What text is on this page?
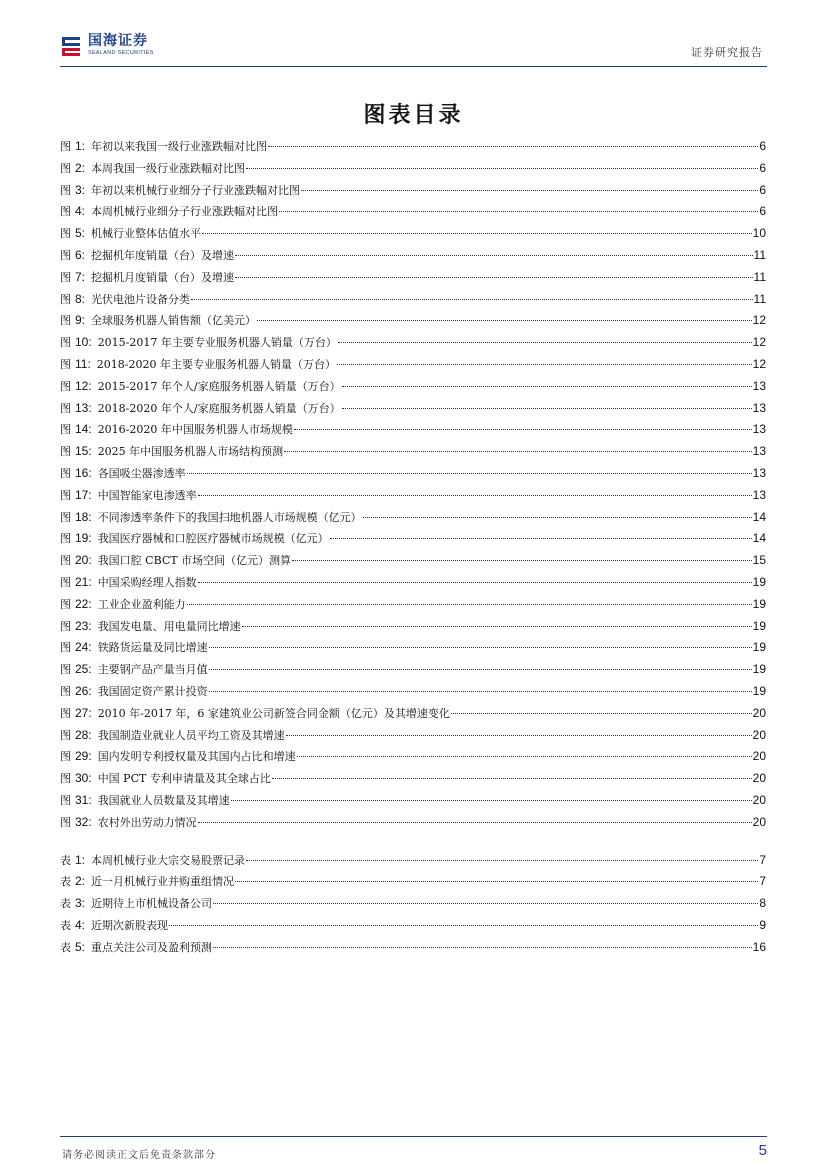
国海证券
SEALAND SECURITIES	证券研究报告
图表目录
图 1: 年初以来我国一级行业涨跌幅对比图	6
图 2: 本周我国一级行业涨跌幅对比图	6
图 3: 年初以来机械行业细分子行业涨跌幅对比图	6
图 4: 本周机械行业细分子行业涨跌幅对比图	6
图 5: 机械行业整体估值水平	10
图 6: 挖掘机年度销量（台）及增速	11
图 7: 挖掘机月度销量（台）及增速	11
图 8: 光伏电池片设备分类	11
图 9: 全球服务机器人销售额（亿美元）	12
图 10: 2015-2017 年主要专业服务机器人销量（万台）	12
图 11: 2018-2020 年主要专业服务机器人销量（万台）	12
图 12: 2015-2017 年个人/家庭服务机器人销量（万台）	13
图 13: 2018-2020 年个人/家庭服务机器人销量（万台）	13
图 14: 2016-2020 年中国服务机器人市场规模	13
图 15: 2025 年中国服务机器人市场结构预测	13
图 16: 各国吸尘器渗透率	13
图 17: 中国智能家电渗透率	13
图 18: 不同渗透率条件下的我国扫地机器人市场规模（亿元）	14
图 19: 我国医疗器械和口腔医疗器械市场规模（亿元）	14
图 20: 我国口腔 CBCT 市场空间（亿元）测算	15
图 21: 中国采购经理人指数	19
图 22: 工业企业盈利能力	19
图 23: 我国发电量、用电量同比增速	19
图 24: 铁路货运量及同比增速	19
图 25: 主要钢产品产量当月值	19
图 26: 我国固定资产累计投资	19
图 27: 2010 年-2017 年，6 家建筑业公司新签合同金额（亿元）及其增速变化	20
图 28: 我国制造业就业人员平均工资及其增速	20
图 29: 国内发明专利授权量及其国内占比和增速	20
图 30: 中国 PCT 专利申请量及其全球占比	20
图 31: 我国就业人员数量及其增速	20
图 32: 农村外出劳动力情况	20
表 1: 本周机械行业大宗交易股票记录	7
表 2: 近一月机械行业并购重组情况	7
表 3: 近期待上市机械设备公司	8
表 4: 近期次新股表现	9
表 5: 重点关注公司及盈利预测	16
请务必阅读正文后免责条款部分	5
